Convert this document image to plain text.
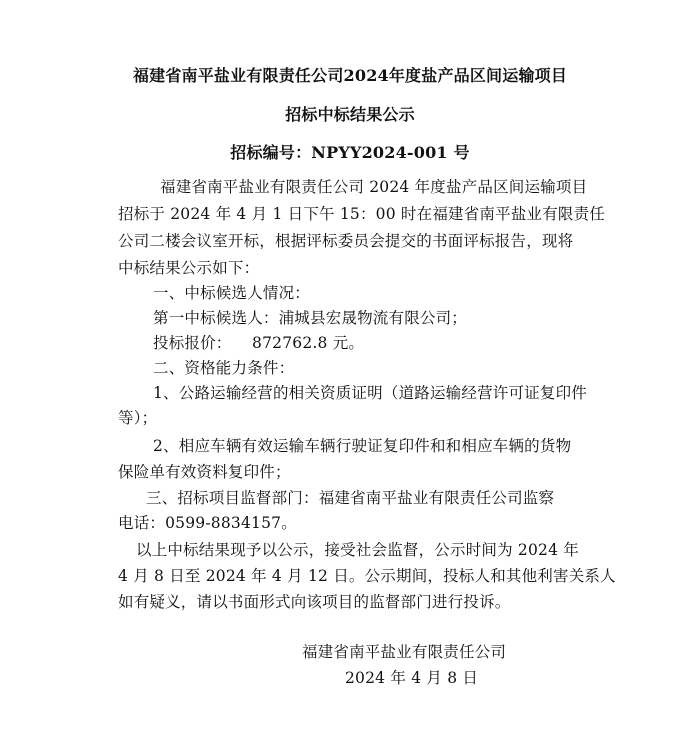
福建省南平盐业有限责任公司2024年度盐产品区间运输项目
招标中标结果公示
招标编号：NPYY2024-001 号
福建省南平盐业有限责任公司 2024 年度盐产品区间运输项目
招标于 2024 年 4 月 1 日下午 15：00 时在福建省南平盐业有限责任
公司二楼会议室开标，根据评标委员会提交的书面评标报告，现将
中标结果公示如下：
一、中标候选人情况：
第一中标候选人：浦城县宏晟物流有限公司；
投标报价：    872762.8 元。
二、资格能力条件：
1、公路运输经营的相关资质证明（道路运输经营许可证复印件
等）；
2、相应车辆有效运输车辆行驶证复印件和和相应车辆的货物
保险单有效资料复印件；
三、招标项目监督部门：福建省南平盐业有限责任公司监察
电话：0599-8834157。
以上中标结果现予以公示，接受社会监督，公示时间为 2024 年
4 月 8 日至 2024 年 4 月 12 日。公示期间，投标人和其他利害关系人
如有疑义，请以书面形式向该项目的监督部门进行投诉。
福建省南平盐业有限责任公司
2024 年 4 月 8 日
